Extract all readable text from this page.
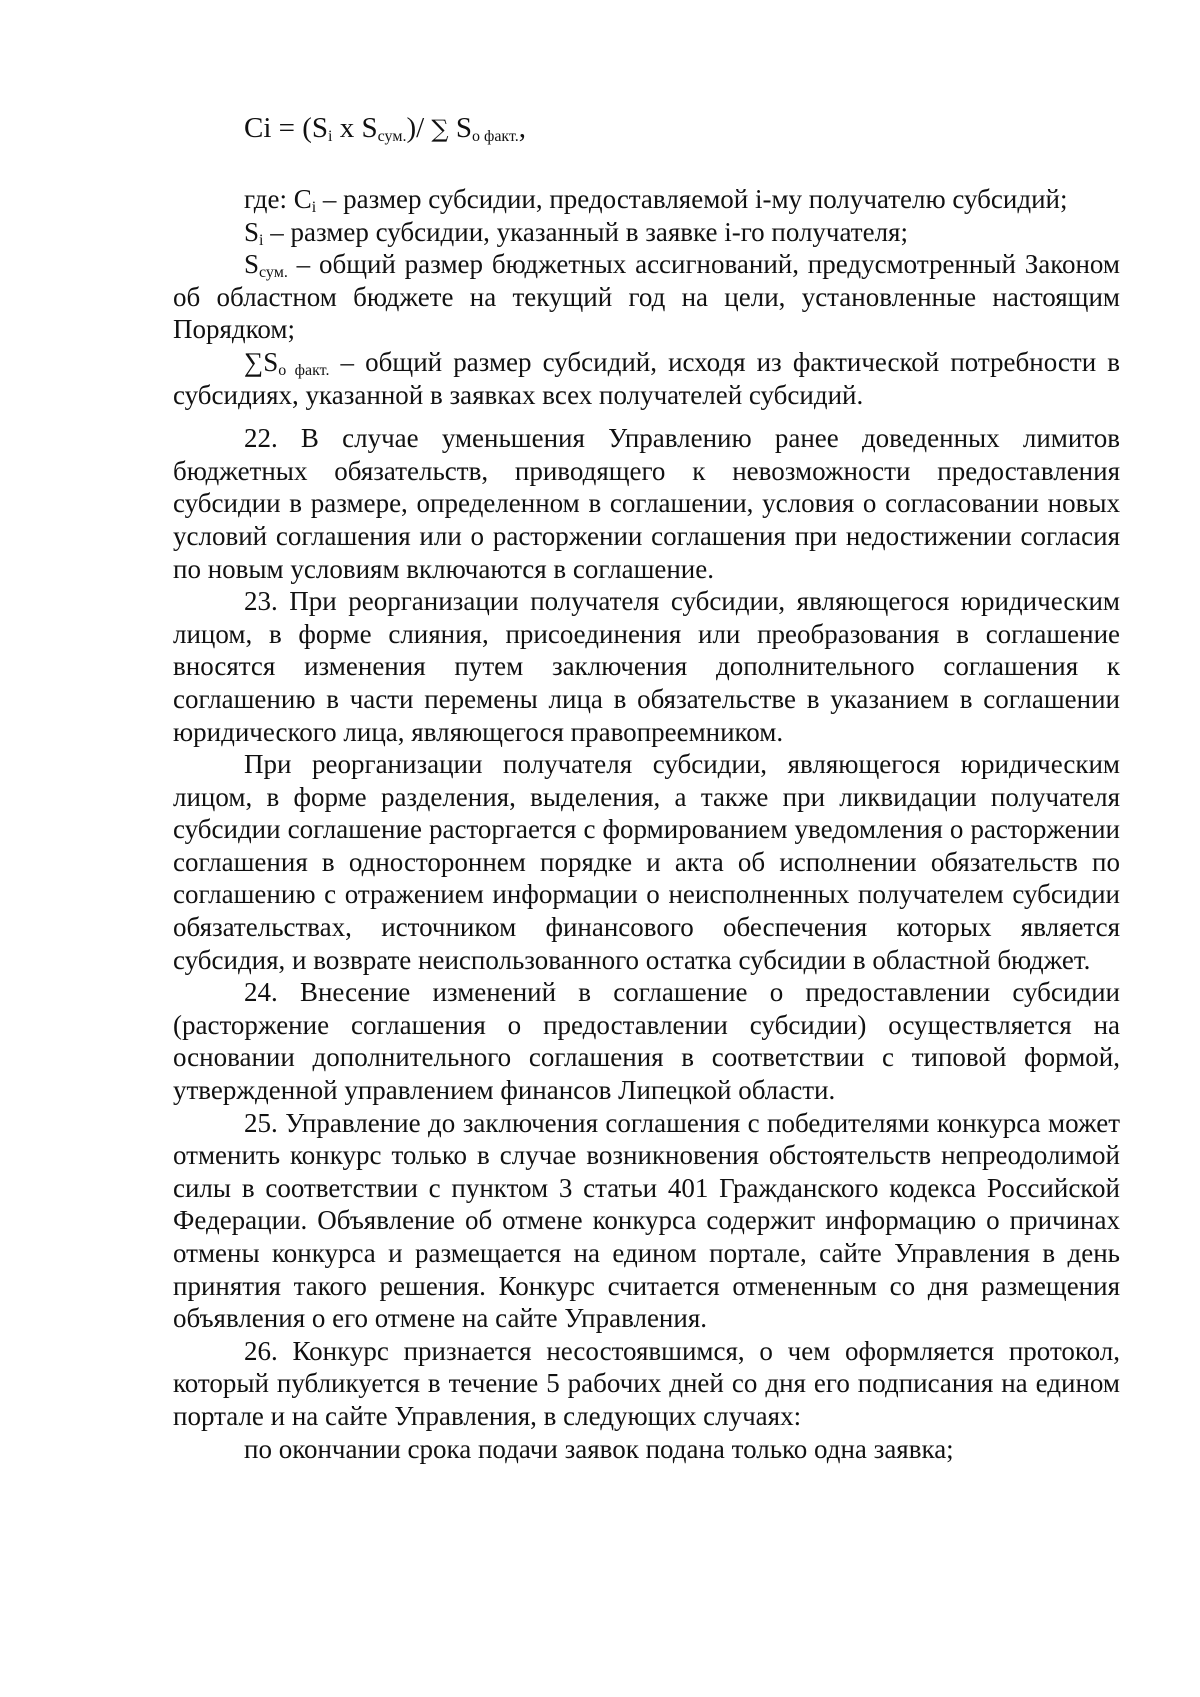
$Ci = (S_i$ x $S_{сум.})/$ ∑ $S_{о факт.}$,

где: $C_i$ – размер субсидии, предоставляемой i-му получателю субсидий;

$S_i$ – размер субсидии, указанный в заявке i-го получателя;

$S_{сум.}$ – общий размер бюджетных ассигнований, предусмотренный Законом об областном бюджете на текущий год на цели, установленные настоящим Порядком;

$\sum S_{о факт.}$ – общий размер субсидий, исходя из фактической потребности в субсидиях, указанной в заявках всех получателей субсидий.

22. В случае уменьшения Управлению ранее доведенных лимитов бюджетных обязательств, приводящего к невозможности предоставления субсидии в размере, определенном в соглашении, условия о согласовании новых условий соглашения или о расторжении соглашения при недостижении согласия по новым условиям включаются в соглашение.

23. При реорганизации получателя субсидии, являющегося юридическим лицом, в форме слияния, присоединения или преобразования в соглашение вносятся изменения путем заключения дополнительного соглашения к соглашению в части перемены лица в обязательстве в указанием в соглашении юридического лица, являющегося правопреемником.

При реорганизации получателя субсидии, являющегося юридическим лицом, в форме разделения, выделения, а также при ликвидации получателя субсидии соглашение расторгается с формированием уведомления о расторжении соглашения в одностороннем порядке и акта об исполнении обязательств по соглашению с отражением информации о неисполненных получателем субсидии обязательствах, источником финансового обеспечения которых является субсидия, и возврате неиспользованного остатка субсидии в областной бюджет.

24. Внесение изменений в соглашение о предоставлении субсидии (расторжение соглашения о предоставлении субсидии) осуществляется на основании дополнительного соглашения в соответствии с типовой формой, утвержденной управлением финансов Липецкой области.

25. Управление до заключения соглашения с победителями конкурса может отменить конкурс только в случае возникновения обстоятельств непреодолимой силы в соответствии с пунктом 3 статьи 401 Гражданского кодекса Российской Федерации. Объявление об отмене конкурса содержит информацию о причинах отмены конкурса и размещается на едином портале, сайте Управления в день принятия такого решения. Конкурс считается отмененным со дня размещения объявления о его отмене на сайте Управления.

26. Конкурс признается несостоявшимся, о чем оформляется протокол, который публикуется в течение 5 рабочих дней со дня его подписания на едином портале и на сайте Управления, в следующих случаях:

по окончании срока подачи заявок подана только одна заявка;
